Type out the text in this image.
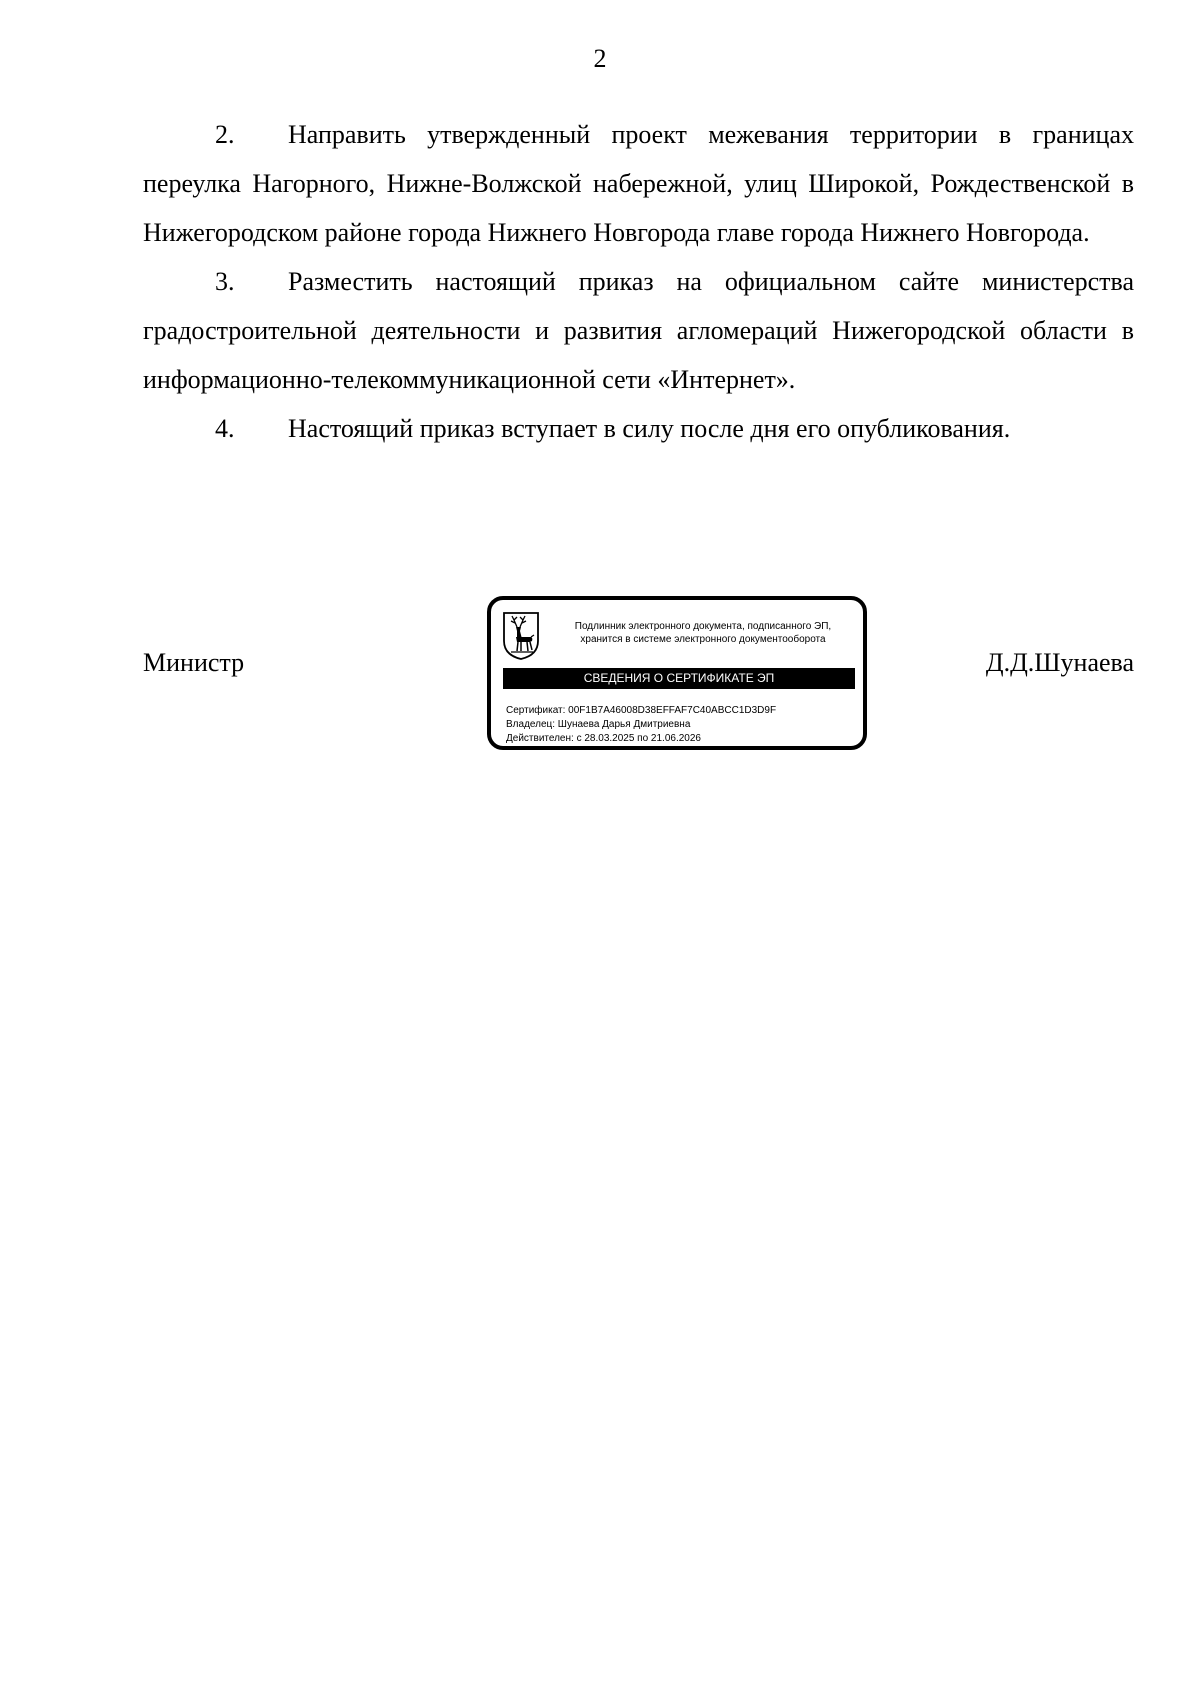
2

2. Направить утвержденный проект межевания территории в границах переулка Нагорного, Нижне-Волжской набережной, улиц Широкой, Рождественской в Нижегородском районе города Нижнего Новгорода главе города Нижнего Новгорода.

3. Разместить настоящий приказ на официальном сайте министерства градостроительной деятельности и развития агломераций Нижегородской области в информационно-телекоммуникационной сети «Интернет».

4. Настоящий приказ вступает в силу после дня его опубликования.

Министр
Подлинник электронного документа, подписанного ЭП,
хранится в системе электронного документооборота
СВЕДЕНИЯ О СЕРТИФИКАТЕ ЭП
Сертификат: 00F1B7A46008D38EFFAF7C40ABCC1D3D9F
Владелец: Шунаева Дарья Дмитриевна
Действителен: с 28.03.2025 по 21.06.2026
Д.Д.Шунаева
